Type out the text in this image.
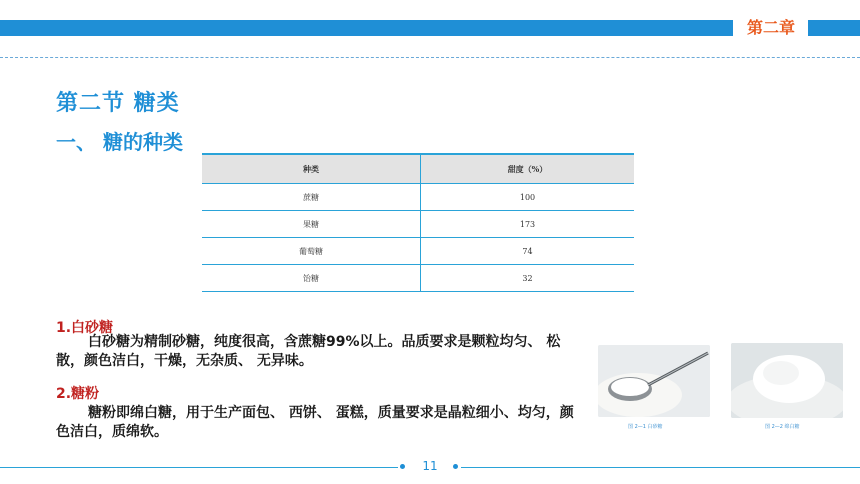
第二章
第二节 糖类
一、 糖的种类
种类	甜度（%）
蔗糖	100
果糖	173
葡萄糖	74
饴糖	32
1.白砂糖
白砂糖为精制砂糖，纯度很高，含蔗糖99%以上。品质要求是颗粒均匀、 松散，颜色洁白，干燥，无杂质、 无异味。
2.糖粉
糖粉即绵白糖，用于生产面包、 西饼、 蛋糕，质量要求是晶粒细小、均匀，颜色洁白，质绵软。	图 2—1 白砂糖	图 2—2 绵白糖
11
